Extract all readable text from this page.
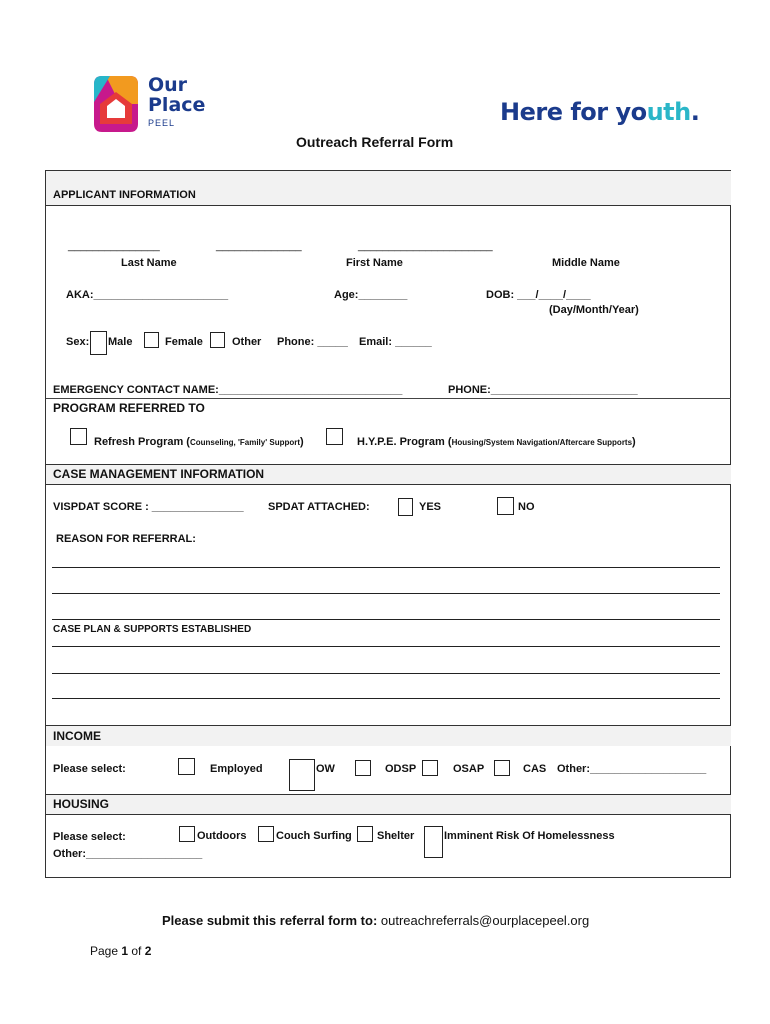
Our
Place
PEEL	Here for youth.
Outreach Referral Form
APPLICANT INFORMATION
_______________	______________	______________________
Last Name	First Name	Middle Name
AKA:______________________	Age:________	DOB: ___/____/____
(Day/Month/Year)
Sex: Male	Female	Other Phone: _____ Email: ______
EMERGENCY CONTACT NAME:______________________________	PHONE:________________________
PROGRAM REFERRED TO
Refresh Program (Counseling, 'Family' Support)	H.Y.P.E. Program (Housing/System Navigation/Aftercare Supports)
CASE MANAGEMENT INFORMATION
VISPDAT SCORE : _______________ SPDAT ATTACHED:	YES	NO
REASON FOR REFERRAL:
CASE PLAN & SUPPORTS ESTABLISHED
INCOME
Please select:	Employed	OW	ODSP	OSAP	CAS Other:___________________
HOUSING
Please select:
Other:___________________
Outdoors	Couch Surfing Shelter	Imminent Risk Of Homelessness
Please submit this referral form to: outreachreferrals@ourplacepeel.org
Page 1 of 2
